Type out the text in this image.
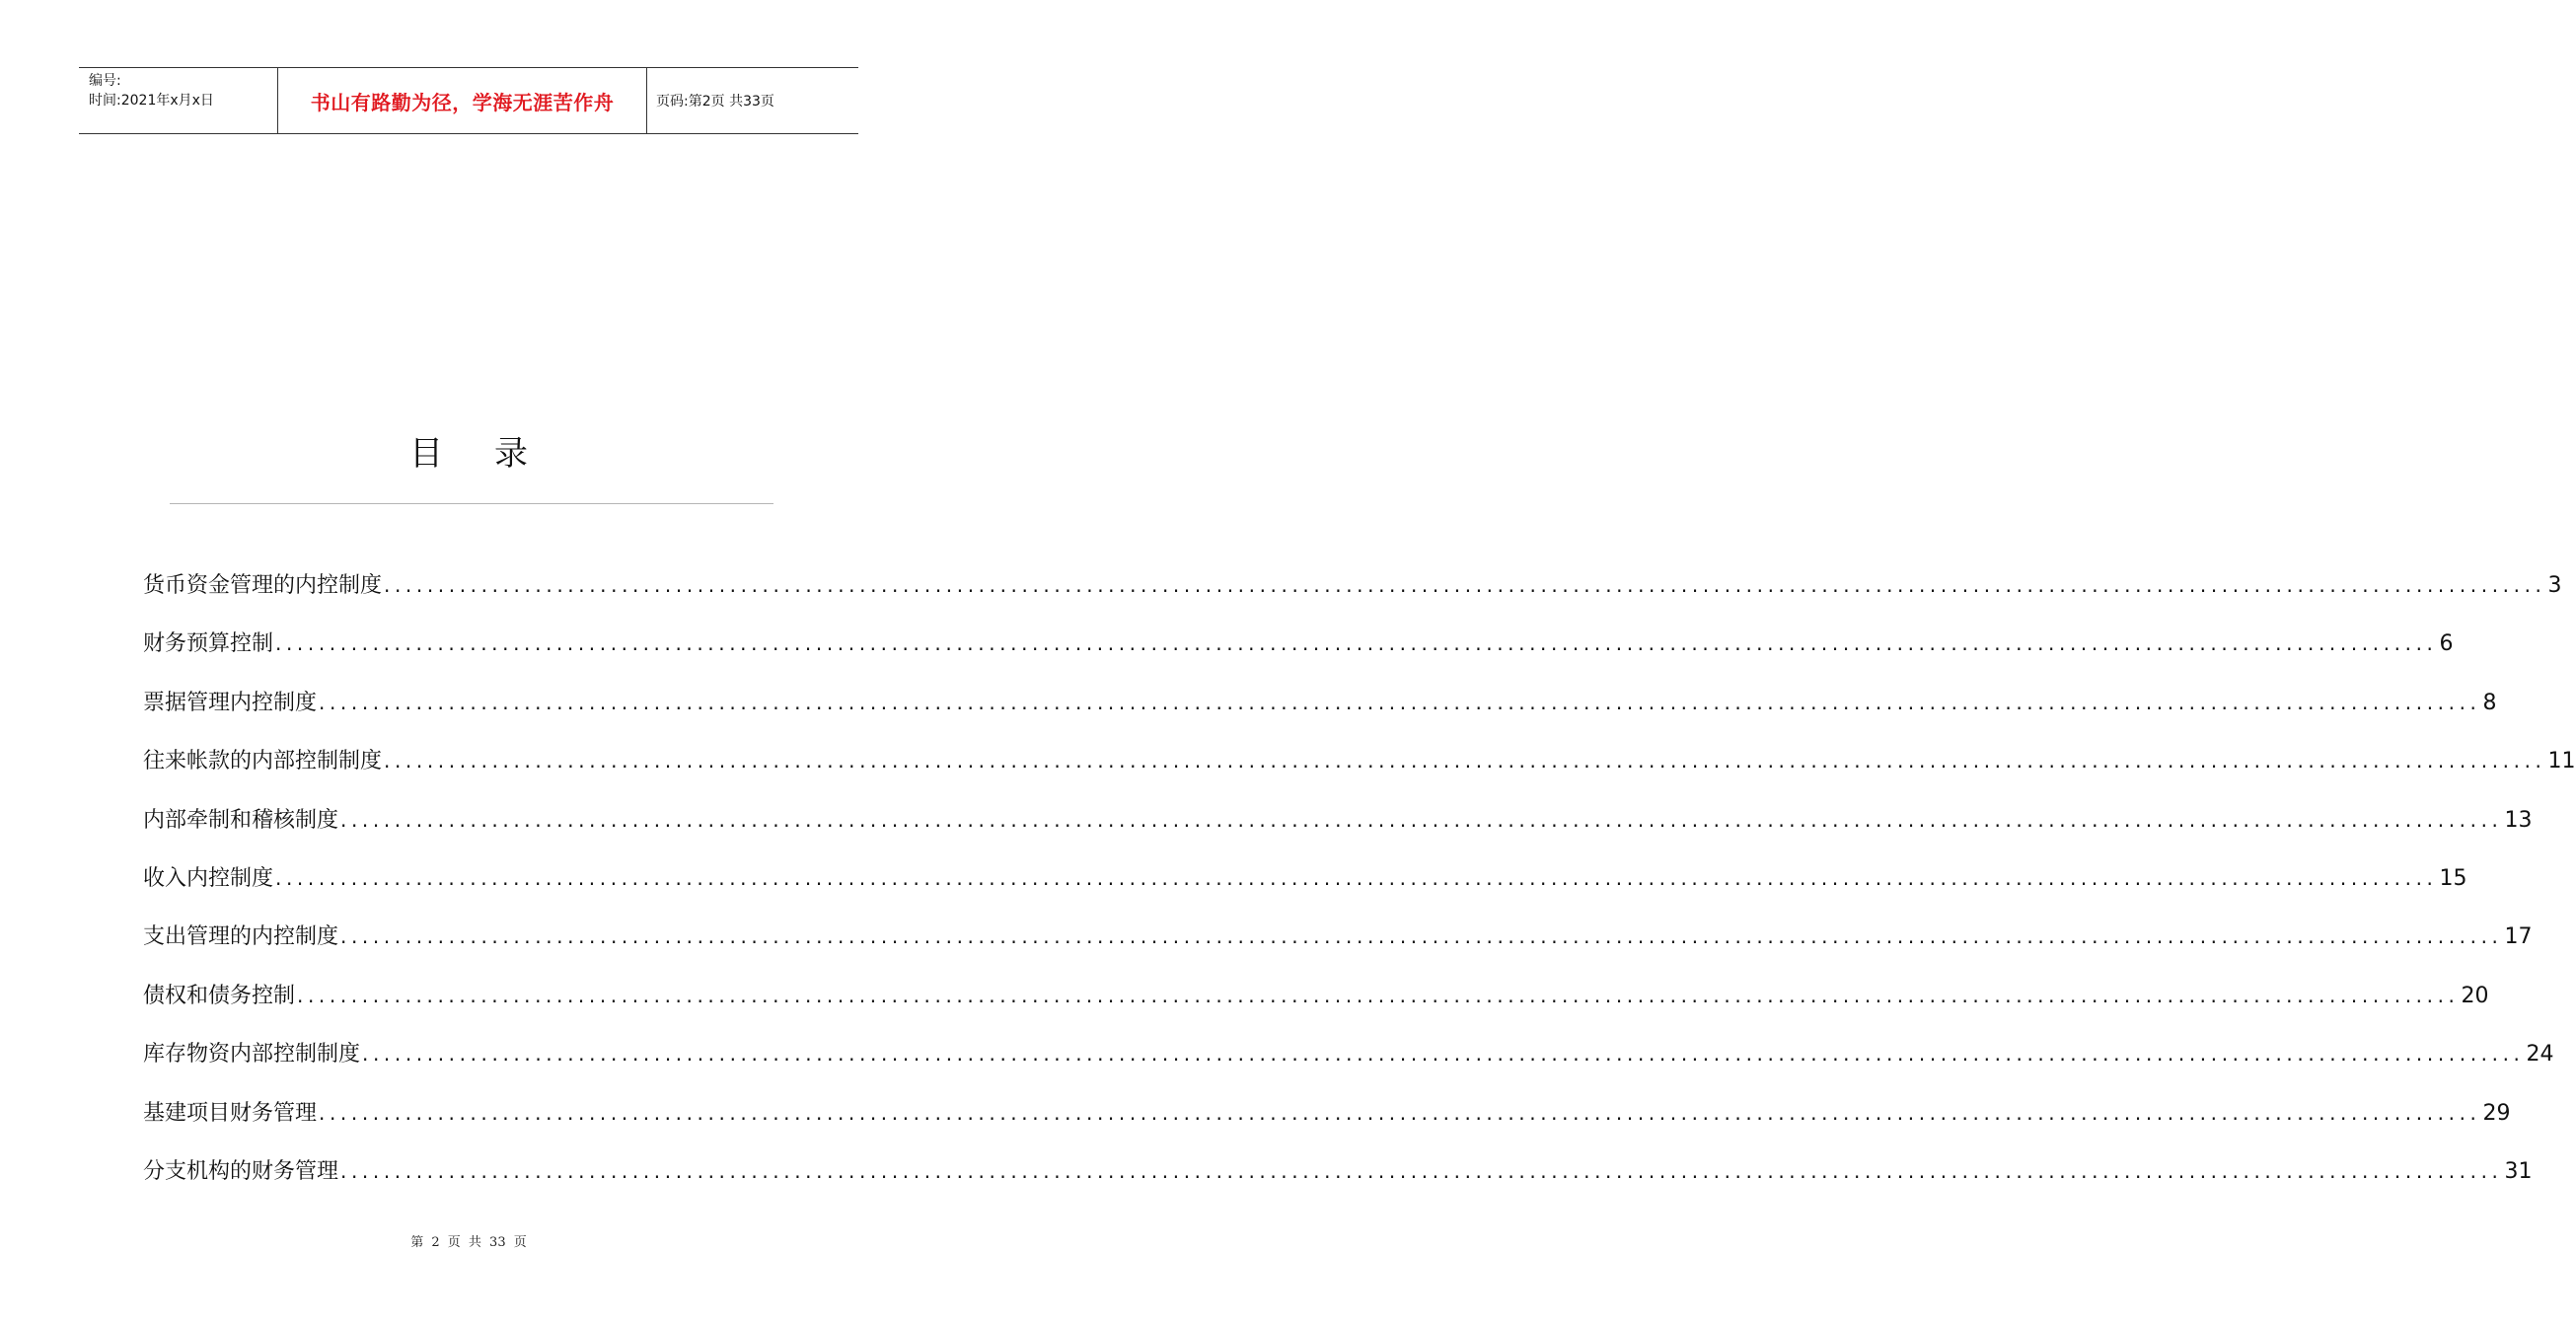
编号:
时间:2021年x月x日	书山有路勤为径，学海无涯苦作舟	页码:第2页 共33页
目录
货币资金管理的内控制度 ........................................................................................................................................................................................................ 3
财务预算控制 ........................................................................................................................................................................................................ 6
票据管理内控制度 ........................................................................................................................................................................................................ 8
往来帐款的内部控制制度 ........................................................................................................................................................................................................ 11
内部牵制和稽核制度 ........................................................................................................................................................................................................ 13
收入内控制度 ........................................................................................................................................................................................................ 15
支出管理的内控制度 ........................................................................................................................................................................................................ 17
债权和债务控制 ........................................................................................................................................................................................................ 20
库存物资内部控制制度 ........................................................................................................................................................................................................ 24
基建项目财务管理 ........................................................................................................................................................................................................ 29
分支机构的财务管理 ........................................................................................................................................................................................................ 31
第 2 页 共 33 页
